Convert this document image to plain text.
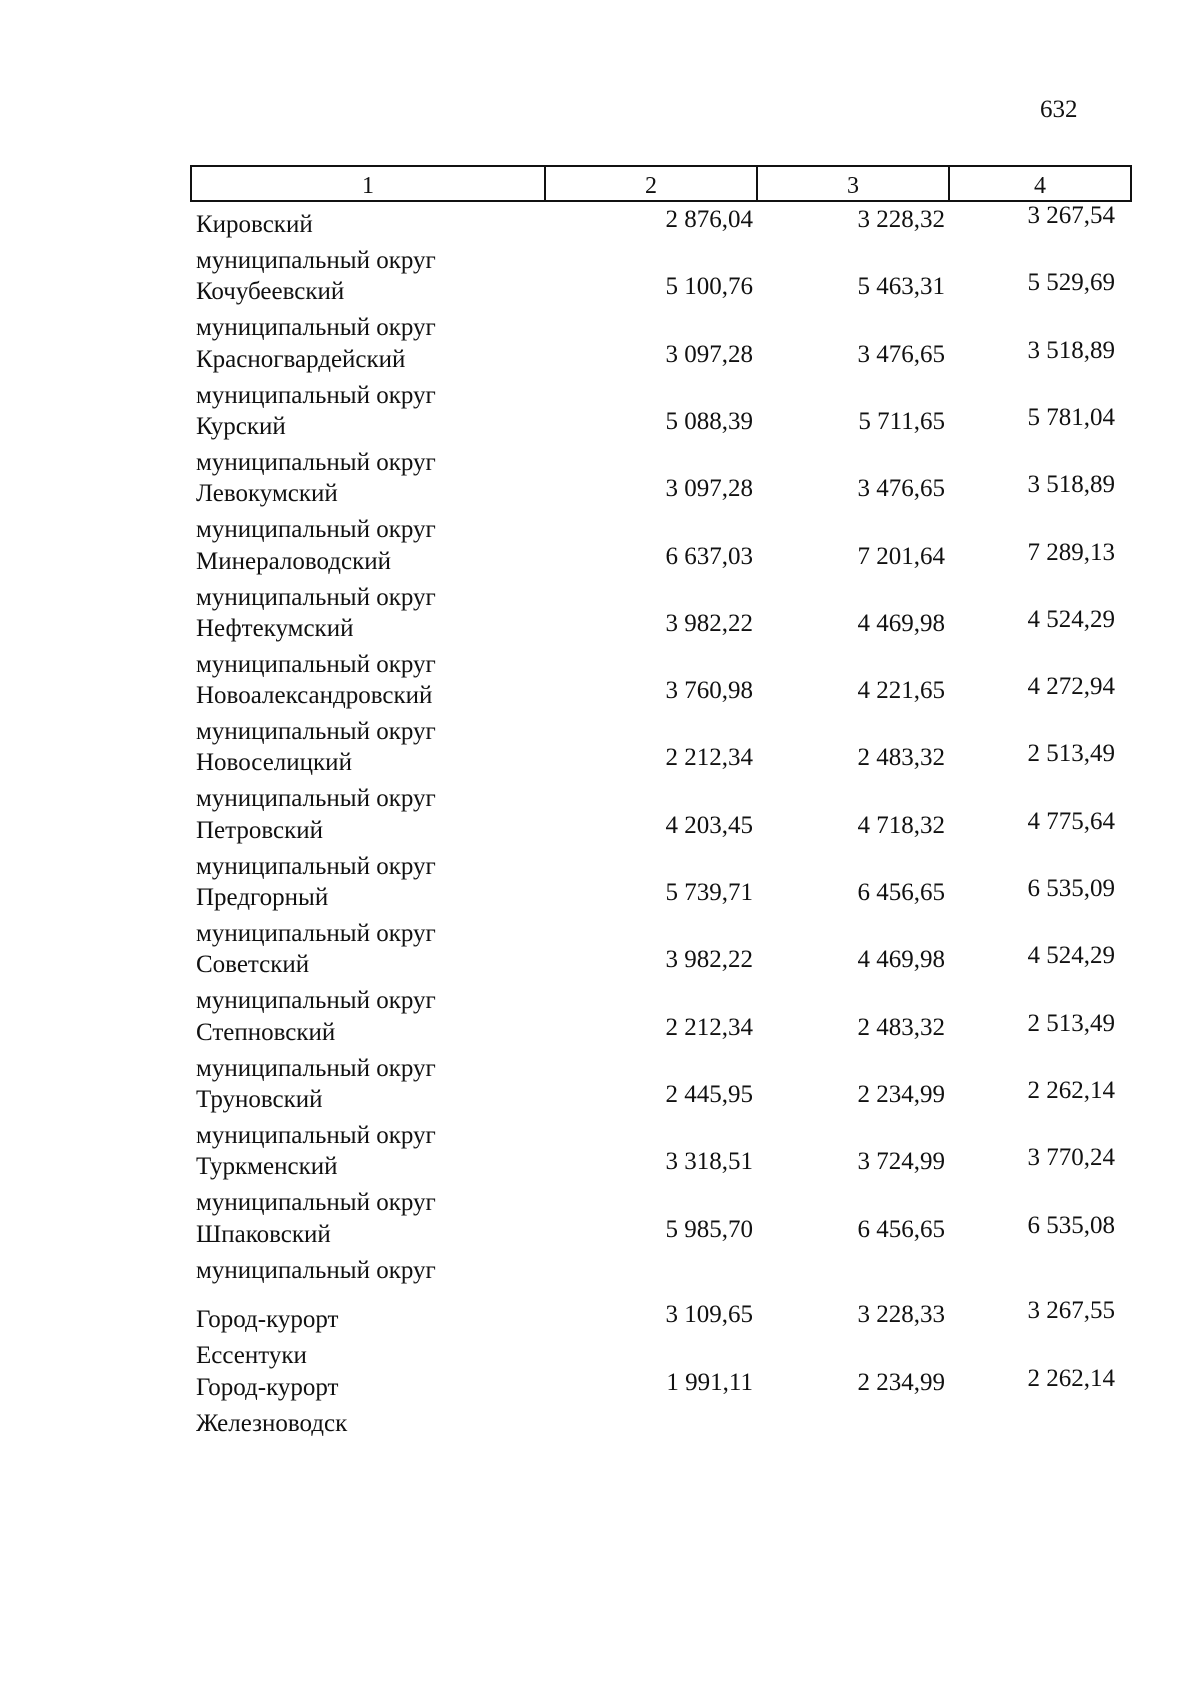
632
1	2	3	4
Кировский
муниципальный округ
2 876,04	3 228,32	3 267,54
Кочубеевский
муниципальный округ
5 100,76	5 463,31	5 529,69
Красногвардейский
муниципальный округ
3 097,28	3 476,65	3 518,89
Курский
муниципальный округ
5 088,39	5 711,65	5 781,04
Левокумский
муниципальный округ
3 097,28	3 476,65	3 518,89
Минераловодский
муниципальный округ
6 637,03	7 201,64	7 289,13
Нефтекумский
муниципальный округ
3 982,22	4 469,98	4 524,29
Новоалександровский
муниципальный округ
3 760,98	4 221,65	4 272,94
Новоселицкий
муниципальный округ
2 212,34	2 483,32	2 513,49
Петровский
муниципальный округ
4 203,45	4 718,32	4 775,64
Предгорный
муниципальный округ
5 739,71	6 456,65	6 535,09
Советский
муниципальный округ
3 982,22	4 469,98	4 524,29
Степновский
муниципальный округ
2 212,34	2 483,32	2 513,49
Труновский
муниципальный округ
2 445,95	2 234,99	2 262,14
Туркменский
муниципальный округ
3 318,51	3 724,99	3 770,24
Шпаковский
муниципальный округ
5 985,70	6 456,65	6 535,08
Город-курорт
Ессентуки
3 109,65	3 228,33	3 267,55
Город-курорт
Железноводск
1 991,11	2 234,99	2 262,14
